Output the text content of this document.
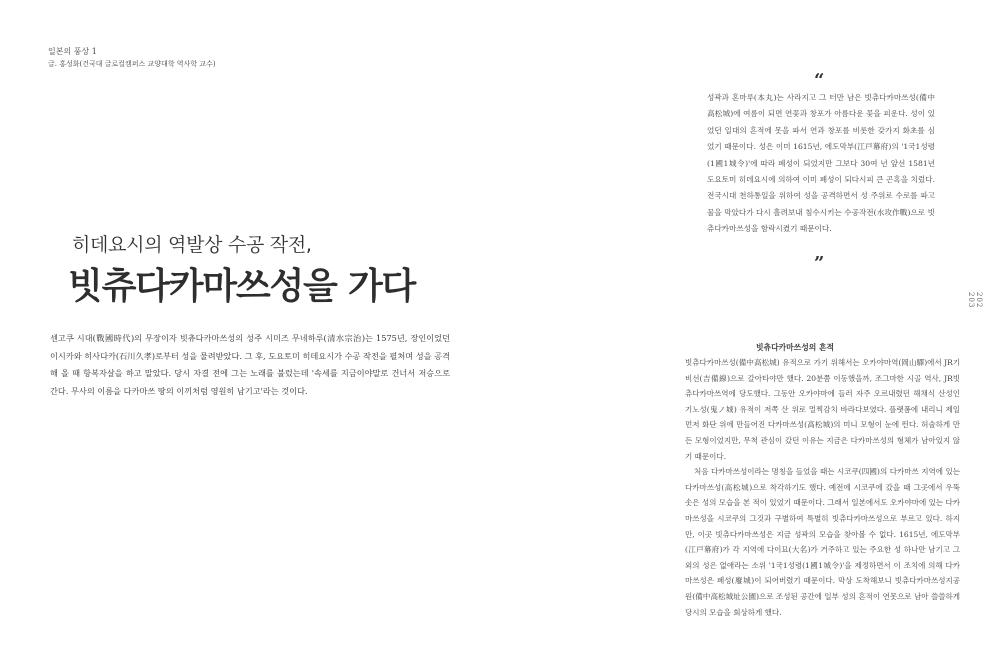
일본의 풍상 1
글. 홍성화(건국대 글로컬캠퍼스 교양대학 역사학 교수)
히데요시의 역발상 수공 작전,
빗츄다카마쓰성을 가다

센고쿠 시대(戰國時代)의 무장이자 빗츄다카마쓰성의 성주 시미즈 무네하루(清水宗治)는 1575년, 장인이었던 이시카와 히사다카(石川久孝)로부터 성을 물려받았다. 그 후, 도요토미 히데요시가 수공 작전을 펼쳐며 성을 공격해 올 때 항복자살을 하고 말았다. 당시 자결 전에 그는 노래를 불렀는데 '속세를 지금이야말로 건너서 저승으로 간다. 무사의 이름을 다카마쓰 땅의 이끼처럼 영원히 남기고'라는 것이다.

“

성곽과 혼마루(本丸)는 사라지고 그 터만 남은 빗츄다카마쓰성(備中高松城)에 여름이 되면 연꽃과 창포가 아름다운 꽃을 피운다. 성이 있었던 일대의 흔적에 못을 파서 연과 창포를 비롯한 갖가지 화초를 심었기 때문이다. 성은 이미 1615년, 에도막부(江戸幕府)의 '1국1성령(1國1城令)'에 따라 폐성이 되었지만 그보다 30여 년 앞선 1581년 도요토미 히데요시에 의하여 이미 폐성이 되다시피 큰 곤혹을 치렀다. 전국시대 천하통일을 위하여 성을 공격하면서 성 주위로 수로를 파고 물을 막았다가 다시 흘려보내 침수시키는 수공작전(水攻作戰)으로 빗츄다카마쓰성을 함락시켰기 때문이다.

”
202
203
빗츄다카마쓰성의 흔적

빗츄다카마쓰성(備中高松城) 유적으로 가기 위해서는 오카야마역(岡山驛)에서 JR기비선(吉備線)으로 갈아타야만 했다. 20분쯤 이동했을까, 조그마한 시골 역사, JR빗츄다카마쓰역에 당도했다. 그동안 오카야마에 들러 자주 오르내렸던 해채식 산성인 기노성(鬼ノ城) 유적이 저쪽 산 위로 멀찍감치 바라다보였다. 플랫폼에 내리니 제일 먼저 화단 위에 만들어진 다카마쓰성(高松城)의 미니 모형이 눈에 띈다. 허술하게 만든 모형이었지만, 무척 관심이 갔던 이유는 지금은 다카마쓰성의 형체가 남아있지 않기 때문이다.

처음 다카마쓰성이라는 명칭을 들었을 때는 시코쿠(四國)의 다카마쓰 지역에 있는 다카마쓰성(高松城)으로 착각하기도 했다. 예전에 시코쿠에 갔을 때 그곳에서 우뚝 솟은 성의 모습을 본 적이 있었기 때문이다. 그래서 일본에서도 오카야마에 있는 다카마쓰성을 시코쿠의 그것과 구별하여 특별히 빗츄다카마쓰성으로 부르고 있다. 하지만, 이곳 빗츄다카마쓰성은 지금 성곽의 모습을 찾아볼 수 없다. 1615년, 에도막부(江戸幕府)가 각 지역에 다이묘(大名)가 거주하고 있는 주요한 성 하나만 남기고 그 외의 성은 없애라는 소위 '1국1성령(1國1城令)'을 제정하면서 이 조치에 의해 다카마쓰성은 폐성(廢城)이 되어버렸기 때문이다. 막상 도착해보니 빗츄다카마쓰성지공원(備中高松城址公園)으로 조성된 공간에 일부 성의 흔적이 연못으로 남아 쓸쓸하게 당시의 모습을 회상하게 했다.
